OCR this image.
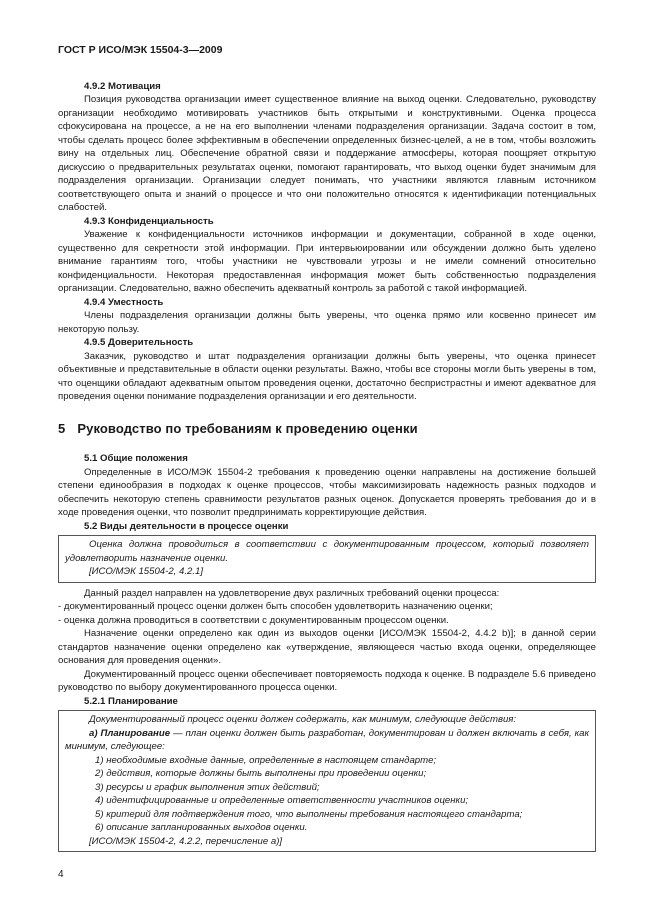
ГОСТ Р ИСО/МЭК 15504-3—2009
4.9.2 Мотивация

Позиция руководства организации имеет существенное влияние на выход оценки. Следовательно, руководству организации необходимо мотивировать участников быть открытыми и конструктивными. Оценка процесса сфокусирована на процессе, а не на его выполнении членами подразделения организации. Задача состоит в том, чтобы сделать процесс более эффективным в обеспечении определенных бизнес-целей, а не в том, чтобы возложить вину на отдельных лиц. Обеспечение обратной связи и поддержание атмосферы, которая поощряет открытую дискуссию о предварительных результатах оценки, помогают гарантировать, что выход оценки будет значимым для подразделения организации. Организации следует понимать, что участники являются главным источником соответствующего опыта и знаний о процессе и что они положительно относятся к идентификации потенциальных слабостей.

4.9.3 Конфиденциальность

Уважение к конфиденциальности источников информации и документации, собранной в ходе оценки, существенно для секретности этой информации. При интервьюировании или обсуждении должно быть уделено внимание гарантиям того, чтобы участники не чувствовали угрозы и не имели сомнений относительно конфиденциальности. Некоторая предоставленная информация может быть собственностью подразделения организации. Следовательно, важно обеспечить адекватный контроль за работой с такой информацией.

4.9.4 Уместность

Члены подразделения организации должны быть уверены, что оценка прямо или косвенно принесет им некоторую пользу.

4.9.5 Доверительность

Заказчик, руководство и штат подразделения организации должны быть уверены, что оценка принесет объективные и представительные в области оценки результаты. Важно, чтобы все стороны могли быть уверены в том, что оценщики обладают адекватным опытом проведения оценки, достаточно беспристрастны и имеют адекватное для проведения оценки понимание подразделения организации и его деятельности.

5 Руководство по требованиям к проведению оценки
5.1 Общие положения

Определенные в ИСО/МЭК 15504-2 требования к проведению оценки направлены на достижение большей степени единообразия в подходах к оценке процессов, чтобы максимизировать надежность разных подходов и обеспечить некоторую степень сравнимости результатов разных оценок. Допускается проверять требования до и в ходе проведения оценки, что позволит предпринимать корректирующие действия.

5.2 Виды деятельности в процессе оценки

Оценка должна проводиться в соответствии с документированным процессом, который позволяет удовлетворить назначение оценки.

[ИСО/МЭК 15504-2, 4.2.1]

Данный раздел направлен на удовлетворение двух различных требований оценки процесса:

- документированный процесс оценки должен быть способен удовлетворить назначению оценки;

- оценка должна проводиться в соответствии с документированным процессом оценки.

Назначение оценки определено как один из выходов оценки [ИСО/МЭК 15504-2, 4.4.2 b)]; в данной серии стандартов назначение оценки определено как «утверждение, являющееся частью входа оценки, определяющее основания для проведения оценки».

Документированный процесс оценки обеспечивает повторяемость подхода к оценке. В подразделе 5.6 приведено руководство по выбору документированного процесса оценки.

5.2.1 Планирование

Документированный процесс оценки должен содержать, как минимум, следующие действия:

а) Планирование — план оценки должен быть разработан, документирован и должен включать в себя, как минимум, следующее:

1) необходимые входные данные, определенные в настоящем стандарте;
2) действия, которые должны быть выполнены при проведении оценки;
3) ресурсы и график выполнения этих действий;
4) идентифицированные и определенные ответственности участников оценки;
5) критерий для подтверждения того, что выполнены требования настоящего стандарта;
6) описание запланированных выходов оценки.
[ИСО/МЭК 15504-2, 4.2.2, перечисление а)]
4
